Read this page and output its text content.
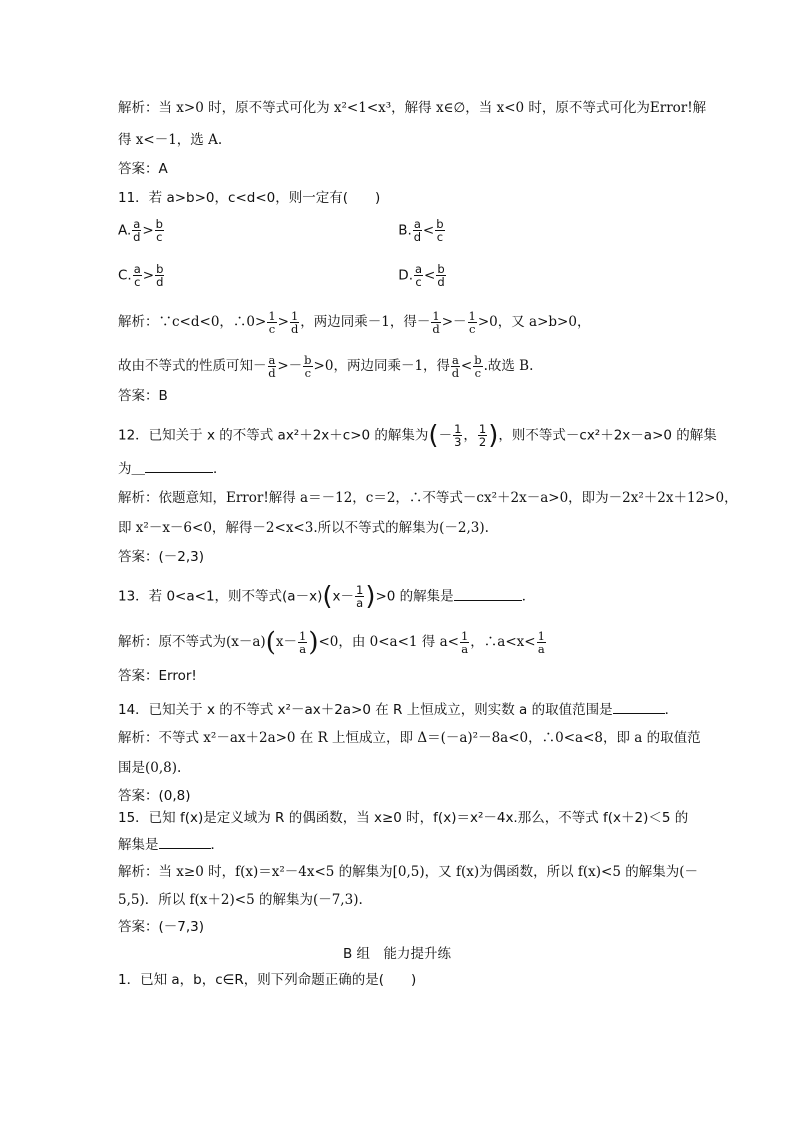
解析：当 x>0 时，原不等式可化为 x²<1<x³，解得 x∈∅，当 x<0 时，原不等式可化为Error!解
得 x<－1，选 A.
答案：A
11．若 a>b>0，c<d<0，则一定有(　　)
A. $\frac{a}{d} > \frac{b}{c}$	B. $\frac{a}{d} < \frac{b}{c}$
C. $\frac{a}{c} > \frac{b}{d}$	D. $\frac{a}{c} < \frac{b}{d}$
解析：∵c<d<0，∴0> $\frac{1}{c} > \frac{1}{d}$ ，两边同乘－1，得－ $\frac{1}{d} >- \frac{1}{c} >0$，又 a>b>0，
故由不等式的性质可知－ $\frac{a}{d} >- \frac{b}{c} >0$，两边同乘－1，得 $\frac{a}{d} < \frac{b}{c}$ .故选 B.
答案：B
12．已知关于 x 的不等式 ax²＋2x＋c>0 的解集为(－ $\frac{1}{3}$ ， $\frac{1}{2}$ )，则不等式－cx²＋2x－a>0 的解集
为＿	．
解析：依题意知，Error!解得 a＝－12，c＝2，∴不等式－cx²＋2x－a>0，即为－2x²＋2x＋12>0，
即 x²－x－6<0，解得－2<x<3.所以不等式的解集为(－2,3).
答案：(－2,3)
13．若 0<a<1，则不等式$(a-x)(x- \frac{1}{a} )>0$ 的解集是	．
解析：原不等式为$(x-a)(x- \frac{1}{a} )<0$，由 0<a<1 得 $a< \frac{1}{a}$ ，∴a<x< $\frac{1}{a}$
答案：Error!
14．已知关于 x 的不等式 x²－ax＋2a>0 在 R 上恒成立，则实数 a 的取值范围是	．
解析：不等式 x²－ax＋2a>0 在 R 上恒成立，即 Δ＝(－a)²－8a<0，∴0<a<8，即 a 的取值范
围是(0,8).
答案：(0,8)
15．已知 f(x)是定义域为 R 的偶函数，当 x≥0 时，f(x)＝x²－4x.那么，不等式 f(x＋2)＜5 的
解集是	．
解析：当 x≥0 时，f(x)＝x²－4x<5 的解集为[0,5)，又 f(x)为偶函数，所以 f(x)<5 的解集为(－
5,5)．所以 f(x＋2)<5 的解集为(－7,3).
答案：(－7,3)
B 组　能力提升练
1．已知 a，b，c∈R，则下列命题正确的是(　　)
